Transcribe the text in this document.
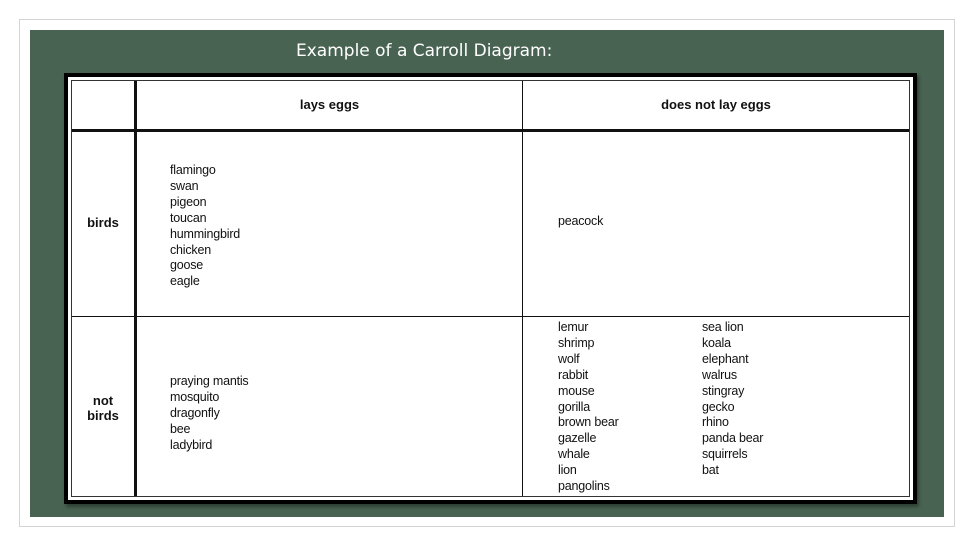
Example of a Carroll Diagram:
lays eggs	does not lay eggs
birds
not
birds
flamingo
swan
pigeon
toucan
hummingbird
chicken
goose
eagle
peacock
praying mantis
mosquito
dragonfly
bee
ladybird
lemur
shrimp
wolf
rabbit
mouse
gorilla
brown bear
gazelle
whale
lion
pangolins
sea lion
koala
elephant
walrus
stingray
gecko
rhino
panda bear
squirrels
bat
